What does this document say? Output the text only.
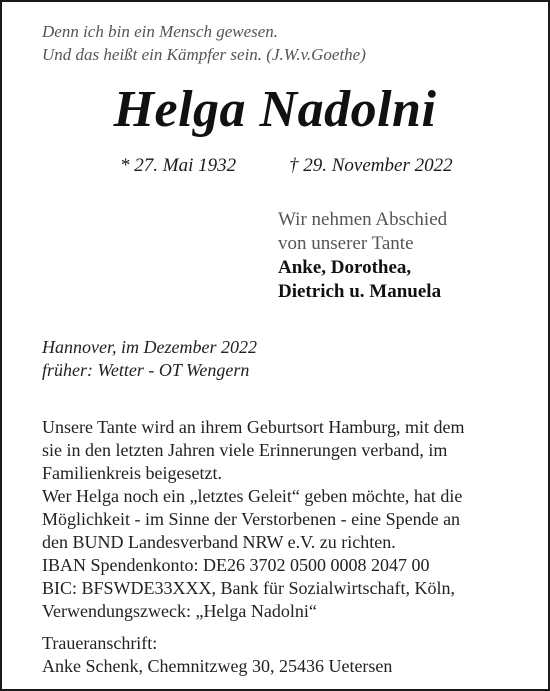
Denn ich bin ein Mensch gewesen.
Und das heißt ein Kämpfer sein. (J.W.v.Goethe)
Helga Nadolni
* 27. Mai 1932	† 29. November 2022
Wir nehmen Abschied
von unserer Tante
Anke, Dorothea,
Dietrich u. Manuela
Hannover, im Dezember 2022
früher: Wetter - OT Wengern
Unsere Tante wird an ihrem Geburtsort Hamburg, mit dem
sie in den letzten Jahren viele Erinnerungen verband, im
Familienkreis beigesetzt.
Wer Helga noch ein „letztes Geleit“ geben möchte, hat die
Möglichkeit - im Sinne der Verstorbenen - eine Spende an
den BUND Landesverband NRW e.V. zu richten.
IBAN Spendenkonto: DE26 3702 0500 0008 2047 00
BIC: BFSWDE33XXX, Bank für Sozialwirtschaft, Köln,
Verwendungszweck: „Helga Nadolni“
Traueranschrift:
Anke Schenk, Chemnitzweg 30, 25436 Uetersen
